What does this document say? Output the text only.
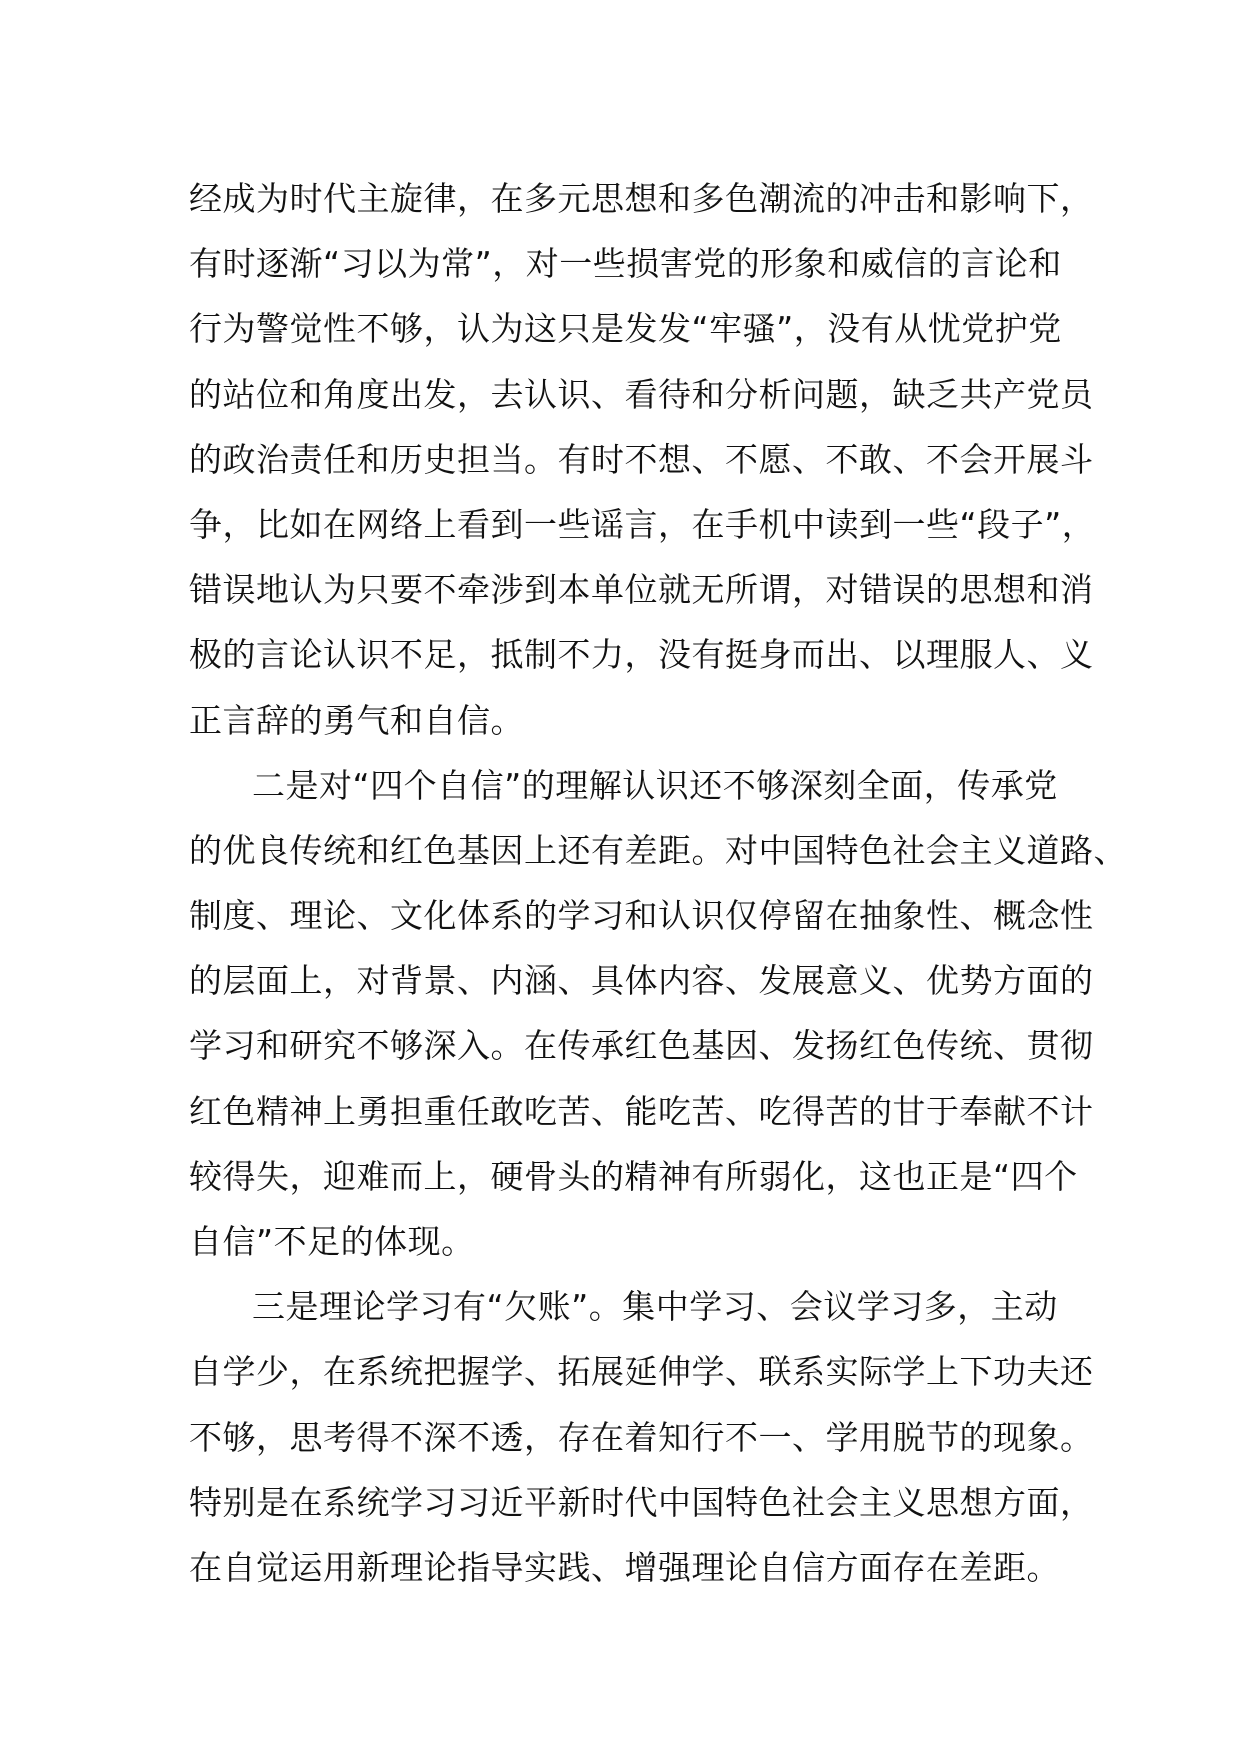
经成为时代主旋律，在多元思想和多色潮流的冲击和影响下，
有时逐渐“习以为常”，对一些损害党的形象和威信的言论和
行为警觉性不够，认为这只是发发“牢骚”，没有从忧党护党
的站位和角度出发，去认识、看待和分析问题，缺乏共产党员
的政治责任和历史担当。有时不想、不愿、不敢、不会开展斗
争，比如在网络上看到一些谣言，在手机中读到一些“段子”，
错误地认为只要不牵涉到本单位就无所谓，对错误的思想和消
极的言论认识不足，抵制不力，没有挺身而出、以理服人、义
正言辞的勇气和自信。
二是对“四个自信”的理解认识还不够深刻全面，传承党
的优良传统和红色基因上还有差距。对中国特色社会主义道路、
制度、理论、文化体系的学习和认识仅停留在抽象性、概念性
的层面上，对背景、内涵、具体内容、发展意义、优势方面的
学习和研究不够深入。在传承红色基因、发扬红色传统、贯彻
红色精神上勇担重任敢吃苦、能吃苦、吃得苦的甘于奉献不计
较得失，迎难而上，硬骨头的精神有所弱化，这也正是“四个
自信”不足的体现。
三是理论学习有“欠账”。集中学习、会议学习多，主动
自学少，在系统把握学、拓展延伸学、联系实际学上下功夫还
不够，思考得不深不透，存在着知行不一、学用脱节的现象。
特别是在系统学习习近平新时代中国特色社会主义思想方面，
在自觉运用新理论指导实践、增强理论自信方面存在差距。
